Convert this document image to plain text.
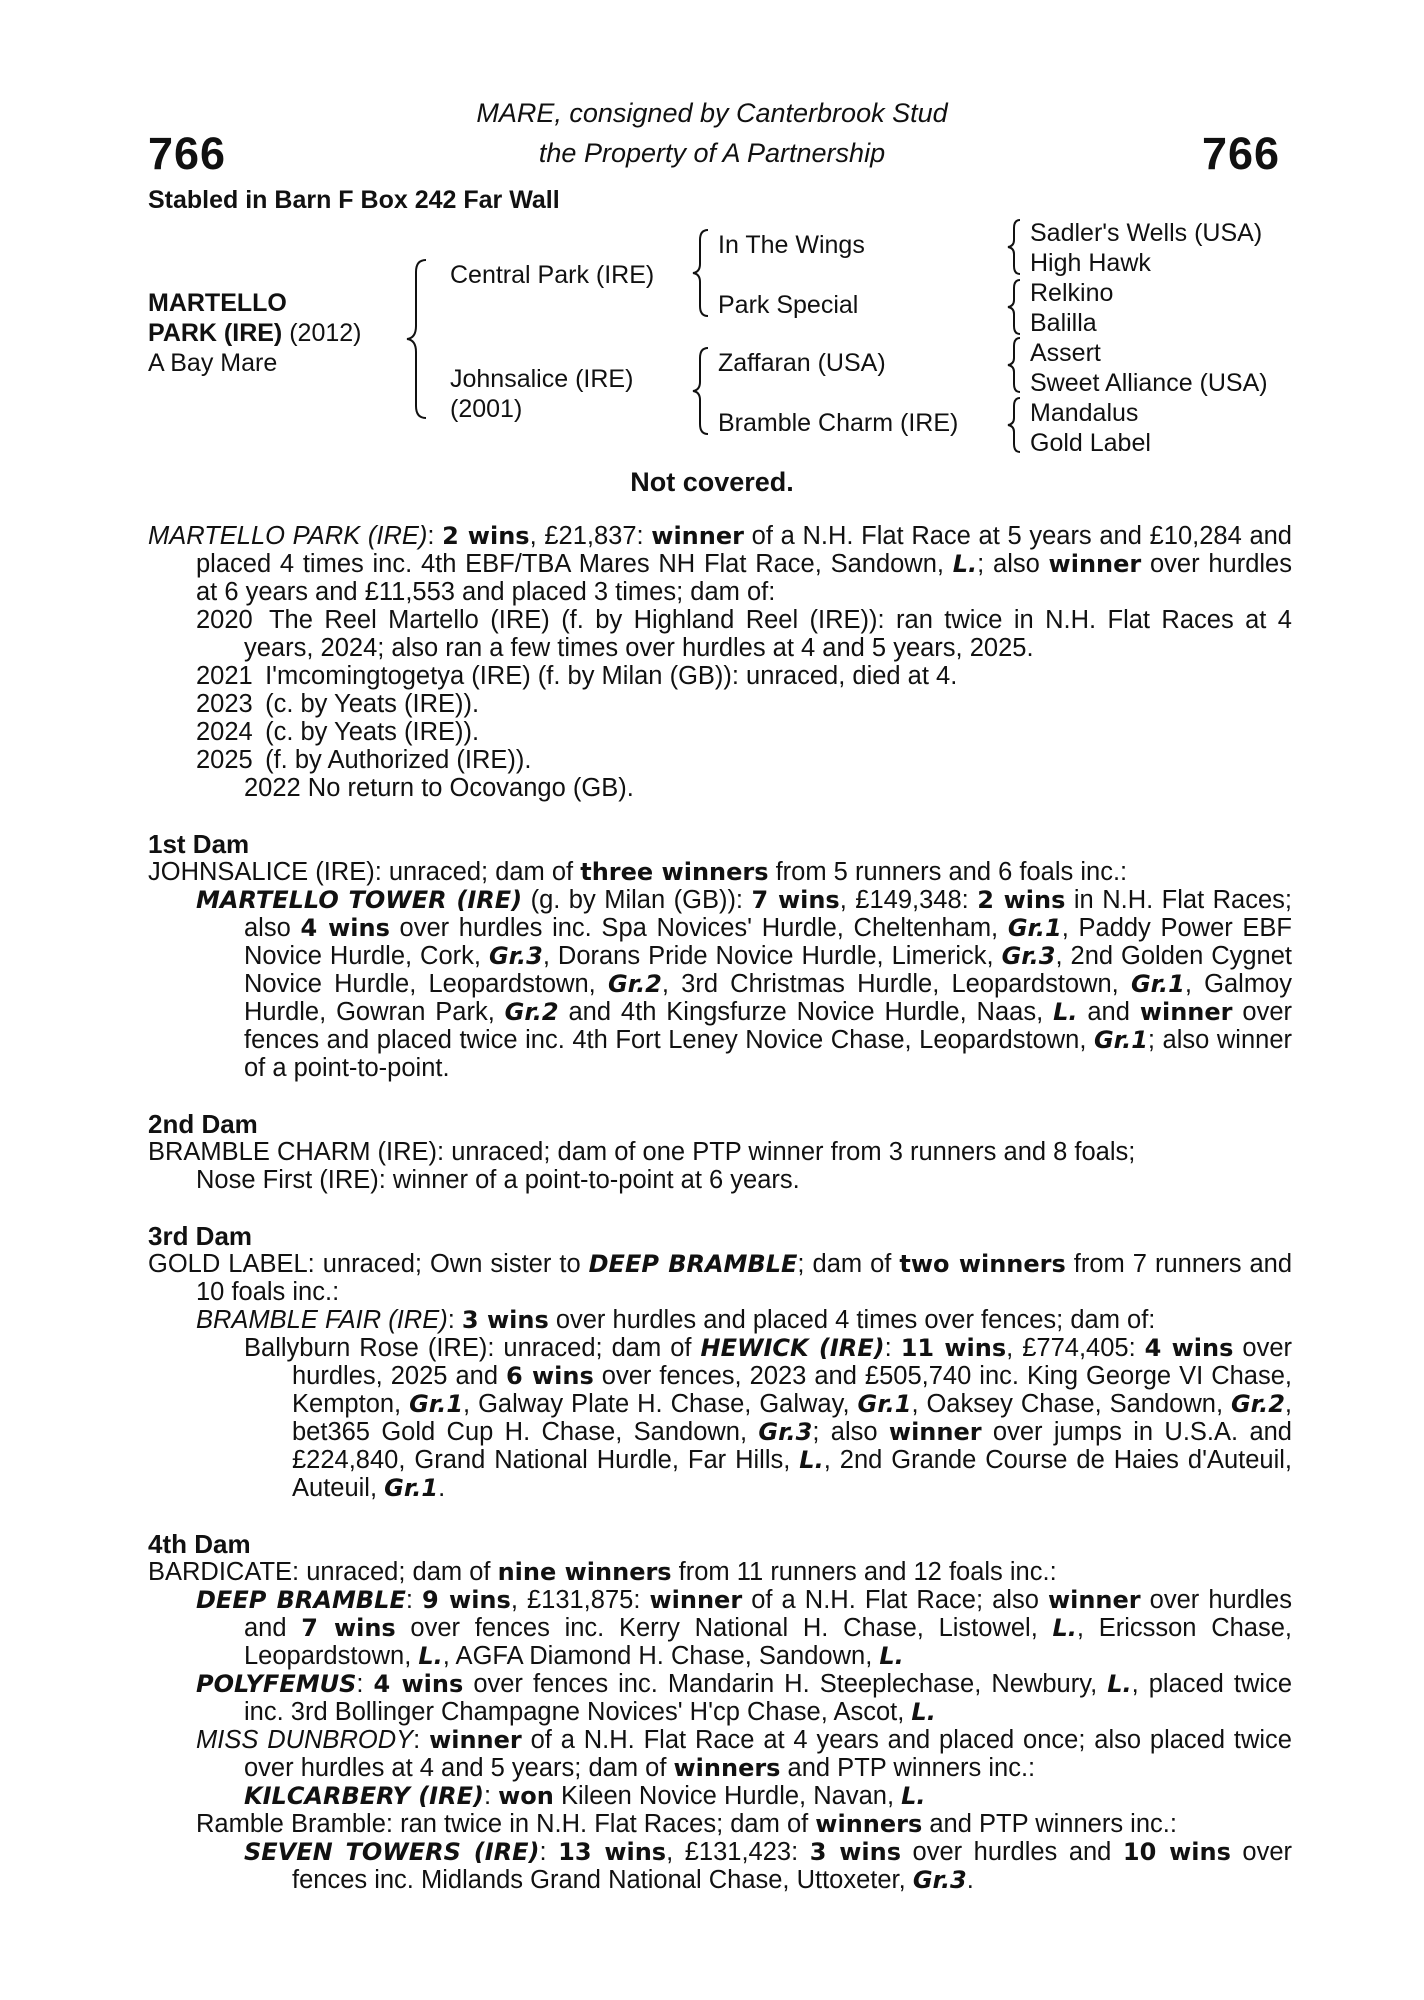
766	766
MARE, consigned by Canterbrook Stud
the Property of A Partnership
Stabled in Barn F Box 242 Far Wall
MARTELLO
PARK (IRE) (2012)
A Bay Mare
Central Park (IRE)
Johnsalice (IRE)
(2001)
In The Wings
Park Special
Zaffaran (USA)
Bramble Charm (IRE)
Sadler's Wells (USA)
High Hawk
Relkino
Balilla
Assert
Sweet Alliance (USA)
Mandalus
Gold Label
Not covered.

MARTELLO PARK (IRE): 2 wins, £21,837: winner of a N.H. Flat Race at 5 years and £10,284 and placed 4 times inc. 4th EBF/TBA Mares NH Flat Race, Sandown, L.; also winner over hurdles at 6 years and £11,553 and placed 3 times; dam of:

2020 The Reel Martello (IRE) (f. by Highland Reel (IRE)): ran twice in N.H. Flat Races at 4 years, 2024; also ran a few times over hurdles at 4 and 5 years, 2025.

2021 I'mcomingtogetya (IRE) (f. by Milan (GB)): unraced, died at 4.

2023 (c. by Yeats (IRE)).

2024 (c. by Yeats (IRE)).

2025 (f. by Authorized (IRE)).

2022 No return to Ocovango (GB).

1st Dam

JOHNSALICE (IRE): unraced; dam of three winners from 5 runners and 6 foals inc.:

MARTELLO TOWER (IRE) (g. by Milan (GB)): 7 wins, £149,348: 2 wins in N.H. Flat Races; also 4 wins over hurdles inc. Spa Novices' Hurdle, Cheltenham, Gr.1, Paddy Power EBF Novice Hurdle, Cork, Gr.3, Dorans Pride Novice Hurdle, Limerick, Gr.3, 2nd Golden Cygnet Novice Hurdle, Leopardstown, Gr.2, 3rd Christmas Hurdle, Leopardstown, Gr.1, Galmoy Hurdle, Gowran Park, Gr.2 and 4th Kingsfurze Novice Hurdle, Naas, L. and winner over fences and placed twice inc. 4th Fort Leney Novice Chase, Leopardstown, Gr.1; also winner of a point-to-point.

2nd Dam

BRAMBLE CHARM (IRE): unraced; dam of one PTP winner from 3 runners and 8 foals;

Nose First (IRE): winner of a point-to-point at 6 years.

3rd Dam

GOLD LABEL: unraced; Own sister to DEEP BRAMBLE; dam of two winners from 7 runners and 10 foals inc.:

BRAMBLE FAIR (IRE): 3 wins over hurdles and placed 4 times over fences; dam of:

Ballyburn Rose (IRE): unraced; dam of HEWICK (IRE): 11 wins, £774,405: 4 wins over hurdles, 2025 and 6 wins over fences, 2023 and £505,740 inc. King George VI Chase, Kempton, Gr.1, Galway Plate H. Chase, Galway, Gr.1, Oaksey Chase, Sandown, Gr.2, bet365 Gold Cup H. Chase, Sandown, Gr.3; also winner over jumps in U.S.A. and £224,840, Grand National Hurdle, Far Hills, L., 2nd Grande Course de Haies d'Auteuil, Auteuil, Gr.1.

4th Dam

BARDICATE: unraced; dam of nine winners from 11 runners and 12 foals inc.:

DEEP BRAMBLE: 9 wins, £131,875: winner of a N.H. Flat Race; also winner over hurdles and 7 wins over fences inc. Kerry National H. Chase, Listowel, L., Ericsson Chase, Leopardstown, L., AGFA Diamond H. Chase, Sandown, L.

POLYFEMUS: 4 wins over fences inc. Mandarin H. Steeplechase, Newbury, L., placed twice inc. 3rd Bollinger Champagne Novices' H'cp Chase, Ascot, L.

MISS DUNBRODY: winner of a N.H. Flat Race at 4 years and placed once; also placed twice over hurdles at 4 and 5 years; dam of winners and PTP winners inc.:

KILCARBERY (IRE): won Kileen Novice Hurdle, Navan, L.

Ramble Bramble: ran twice in N.H. Flat Races; dam of winners and PTP winners inc.:

SEVEN TOWERS (IRE): 13 wins, £131,423: 3 wins over hurdles and 10 wins over fences inc. Midlands Grand National Chase, Uttoxeter, Gr.3.
